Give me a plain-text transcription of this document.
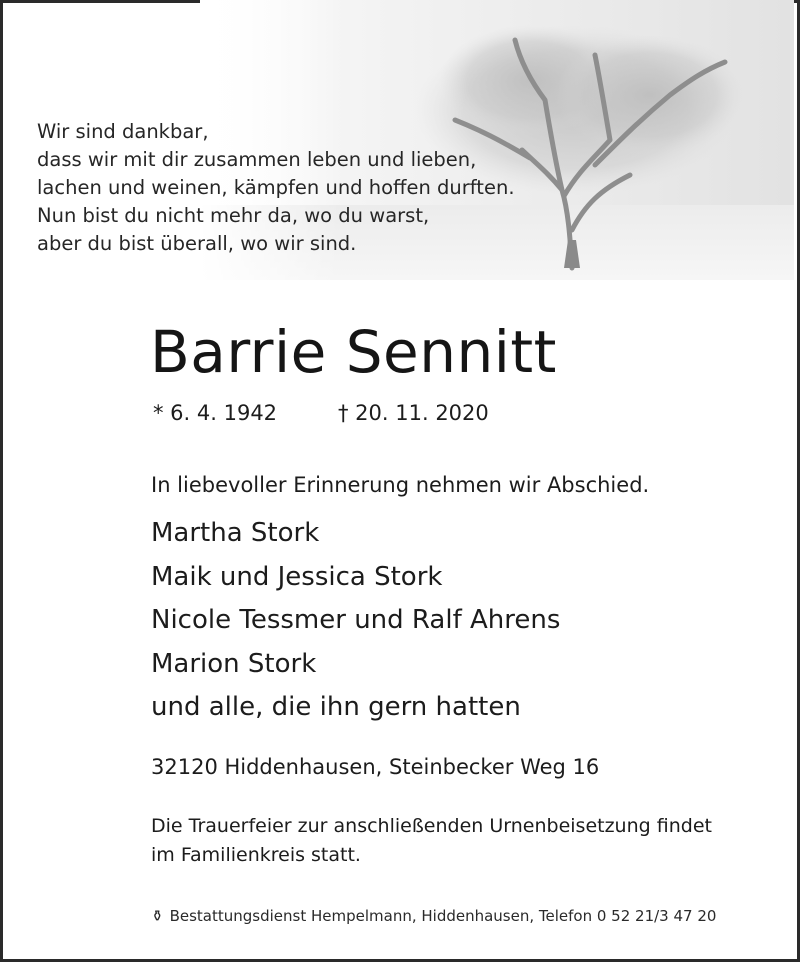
Wir sind dankbar,
dass wir mit dir zusammen leben und lieben,
lachen und weinen, kämpfen und hoffen durften.
Nun bist du nicht mehr da, wo du warst,
aber du bist überall, wo wir sind.
Barrie Sennitt
* 6. 4. 1942	† 20. 11. 2020
In liebevoller Erinnerung nehmen wir Abschied.
Martha Stork
Maik und Jessica Stork
Nicole Tessmer und Ralf Ahrens
Marion Stork
und alle, die ihn gern hatten
32120 Hiddenhausen, Steinbecker Weg 16
Die Trauerfeier zur anschließenden Urnenbeisetzung findet
im Familienkreis statt.
⚱ Bestattungsdienst Hempelmann, Hiddenhausen, Telefon 0 52 21/3 47 20
